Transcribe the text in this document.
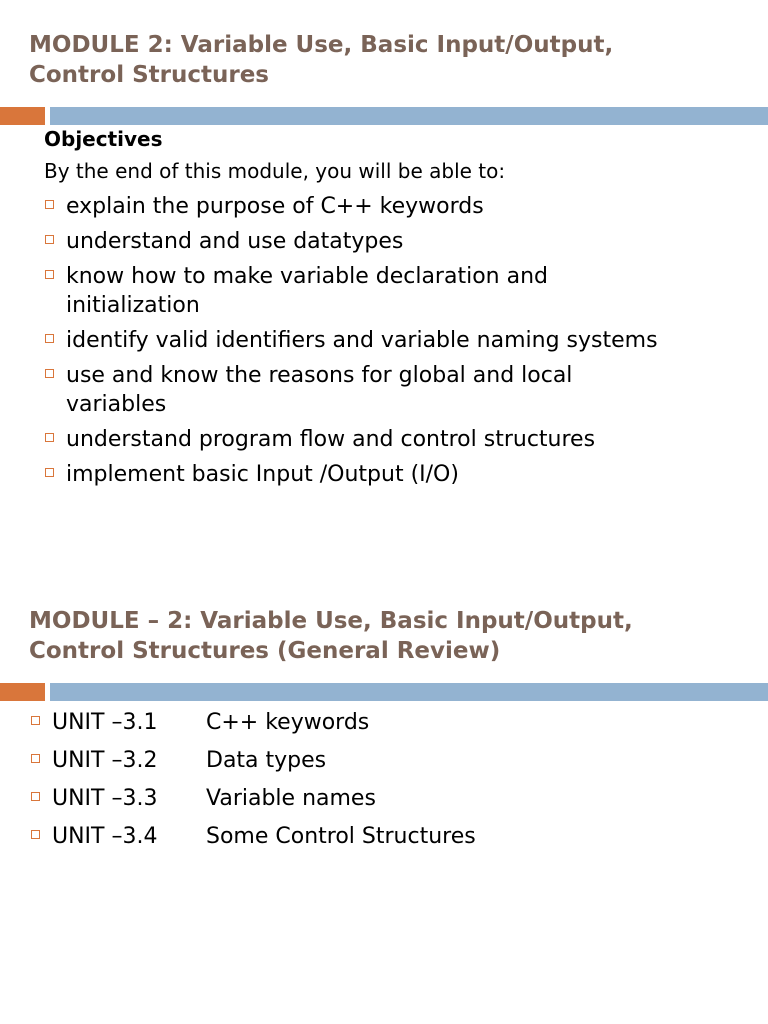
MODULE 2: Variable Use, Basic Input/Output,
Control Structures

Objectives

By the end of this module, you will be able to:

explain the purpose of C++ keywords
understand and use datatypes
know how to make variable declaration and
initialization
identify valid identifiers and variable naming systems
use and know the reasons for global and local
variables
understand program flow and control structures
implement basic Input /Output (I/O)
MODULE – 2: Variable Use, Basic Input/Output,
Control Structures (General Review)
UNIT –3.1 C++ keywords
UNIT –3.2 Data types
UNIT –3.3 Variable names
UNIT –3.4 Some Control Structures
